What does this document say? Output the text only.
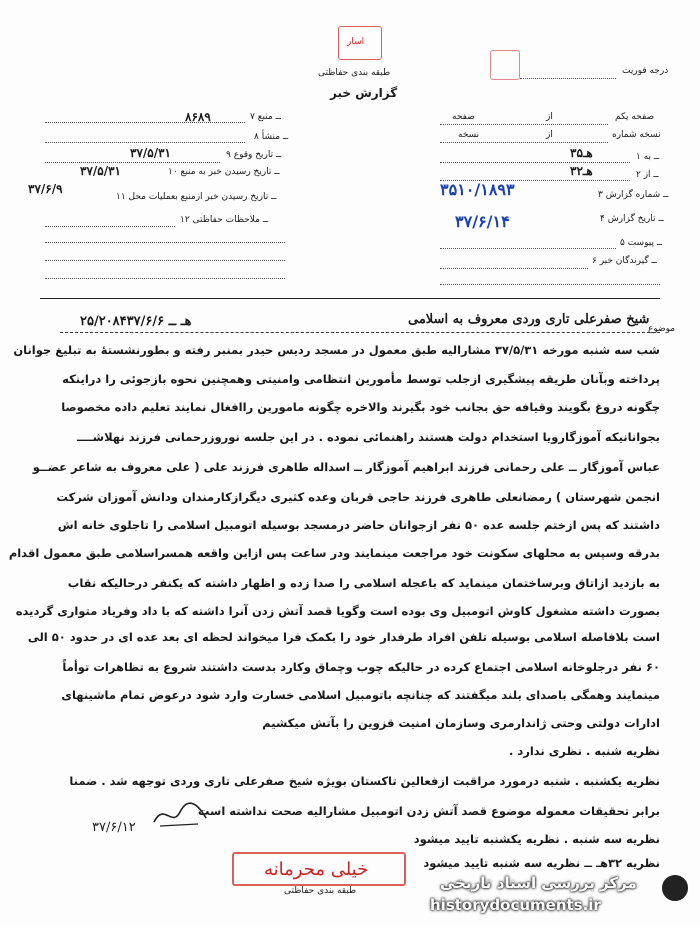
اسار
طبقه بندی حفاظتی
گزارش خبر
درجه فوریت
۷ ــ منبع
۸۶۸۹
۸ ــ منشأ
۹ ــ تاریخ وقوع
۳۷/۵/۳۱
۱۰ ــ تاریخ رسیدن خبر به منبع
۳۷/۵/۳۱
۱۱ ــ تاریخ رسیدن خبر ازمنبع بعملیات محل
۳۷/۶/۹
۱۲ ــ ملاحظات حفاظتی
صفحه یکم
از
صفحه
نسخه شماره
از
نسخه
۱ ــ به
۳۵هـ
۲ ــ از
۳۲هـ
۳ ــ شماره گزارش
۳۵۱۰/۱۸۹۳
۴ ــ تاریخ گزارش
۳۷/۶/۱۴
۵ ــ پیوست
۶ ــ گیرندگان خبر
موضوع
شیخ صفرعلی تاری وردی معروف به اسلامی
۲۵/۲۰۸۴هـ ــ ۳۷/۶/۶
شب سه شنبه مورخه ۳۷/۵/۳۱ مشارالیه طبق معمول در مسجد ردیس حیدر بمنبر رفته و بطورنشستهٔ به تبلیغ جوانان
پرداخته وبآنان طریقه پیشگیری ازجلب توسط مأمورین انتظامی وامنیتی وهمچنین نحوه بازجوئی را دراینکه
چگونه دروغ بگویند وقیافه حق بجانب خود بگیرند والاخره چگونه مامورین راافغال نمایند تعلیم داده مخصوصا
بجوانانیکه آموزگارویا استخدام دولت هستند راهنمائی نموده . در این جلسه نوروزرحمانی فرزند نهلاشــــ
عباس آموزگار ــ علی رحمانی فرزند ابراهیم آموزگار ــ اسداله طاهری فرزند علی ( علی معروف به شاعر عضــو
انجمن شهرستان ) رمضانعلی طاهری فرزند حاجی قربان وعده کثیری دیگرازکارمندان ودانش آموزان شرکت
داشتند که پس ازختم جلسه عده ۵۰ نفر ازجوانان حاضر درمسجد بوسیله اتومبیل اسلامی را تاجلوی خانه اش
بدرقه وسپس به محلهای سکونت خود مراجعت مینمایند ودر ساعت پس ازاین واقعه همسراسلامی طبق معمول اقدام
به بازدید ازاتاق وبرساختمان مینماید که باعجله اسلامی را صدا زده و اظهار داشته که یکنفر درحالیکه نقاب
بصورت داشته مشغول کاوش اتومبیل وی بوده است وگویا قصد آتش زدن آنرا داشته که با داد وفریاد متواری گردیده
است بلافاصله اسلامی بوسیله تلفن افراد طرفدار خود را بکمک فرا میخواند لحظه ای بعد عده ای در حدود ۵۰ الی
۶۰ نفر درجلوخانه اسلامی اجتماع کرده در حالیکه چوب وچماق وکارد بدست داشتند شروع به تظاهرات توأماً
مینمایند وهمگی باصدای بلند میگفتند که چنانچه باتومبیل اسلامی خسارت وارد شود درعوض تمام ماشینهای
ادارات دولتی وحتی ژاندارمری وسازمان امنیت قزوین را بآتش میکشیم
نظریه شنبه . نظری ندارد .
نظریه یکشنبه . شنبه درمورد مراقبت ازفعالین تاکستان بویژه شیخ صفرعلی تاری وردی توجهه شد . ضمنا
برابر تحقیقات معموله موضوع قصد آتش زدن اتومبیل مشارالیه صحت نداشته است
نظریه سه شنبه . نظریه یکشنبه تایید میشود
نظریه ۳۲هـ ــ نظریه سه شنبه تایید میشود
۳۷/۶/۱۲
خیلی محرمانه
طبقه بندی حفاظتی	مرکز بررسی اسناد تاریخی
historydocuments.ir
